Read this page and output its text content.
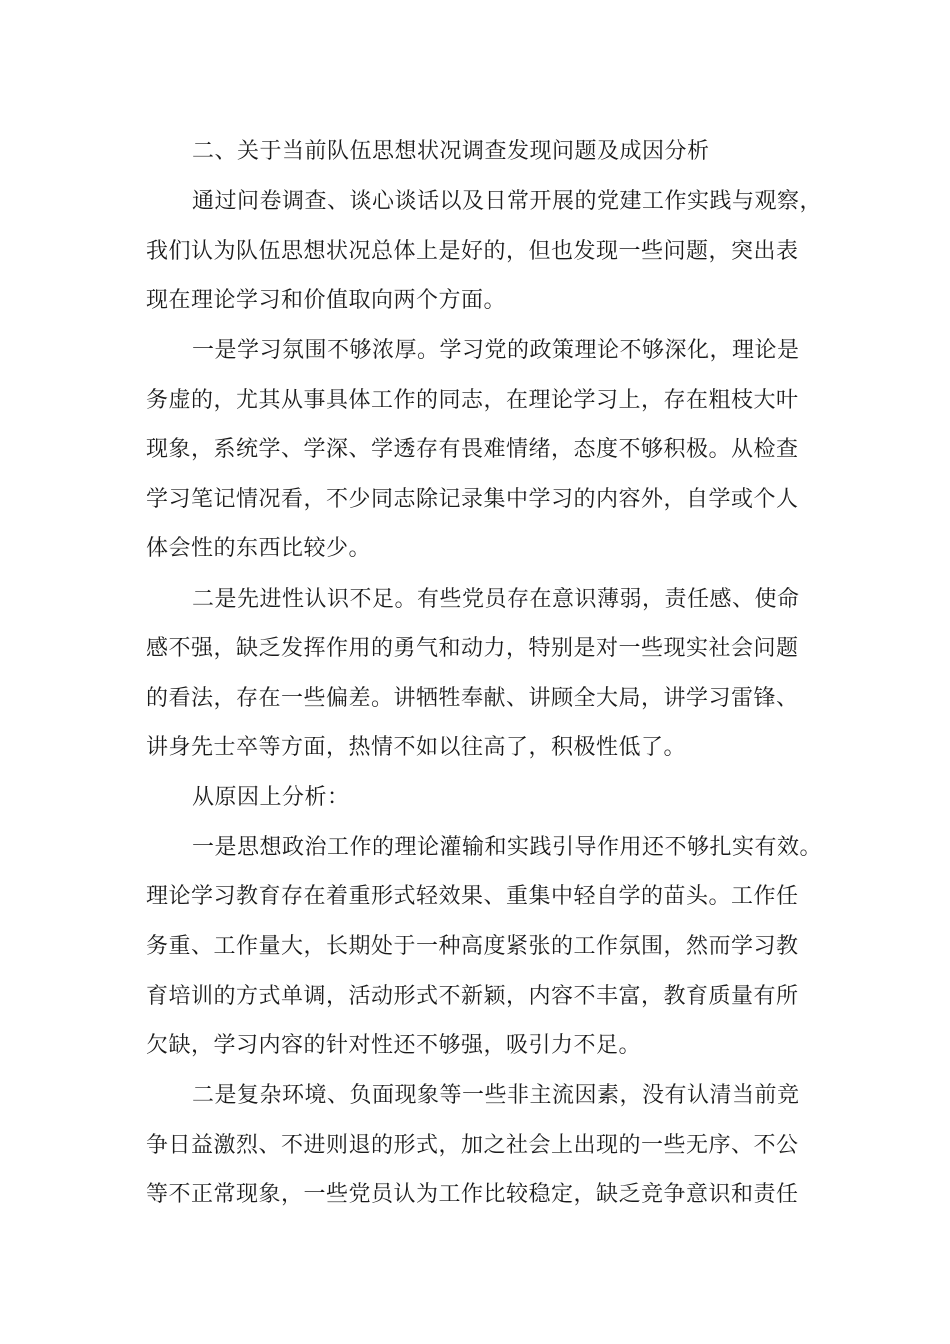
二、关于当前队伍思想状况调查发现问题及成因分析
通过问卷调查、谈心谈话以及日常开展的党建工作实践与观察，
我们认为队伍思想状况总体上是好的，但也发现一些问题，突出表
现在理论学习和价值取向两个方面。
一是学习氛围不够浓厚。学习党的政策理论不够深化，理论是
务虚的，尤其从事具体工作的同志，在理论学习上，存在粗枝大叶
现象，系统学、学深、学透存有畏难情绪，态度不够积极。从检查
学习笔记情况看，不少同志除记录集中学习的内容外，自学或个人
体会性的东西比较少。
二是先进性认识不足。有些党员存在意识薄弱，责任感、使命
感不强，缺乏发挥作用的勇气和动力，特别是对一些现实社会问题
的看法，存在一些偏差。讲牺牲奉献、讲顾全大局，讲学习雷锋、
讲身先士卒等方面，热情不如以往高了，积极性低了。
从原因上分析：
一是思想政治工作的理论灌输和实践引导作用还不够扎实有效。
理论学习教育存在着重形式轻效果、重集中轻自学的苗头。工作任
务重、工作量大，长期处于一种高度紧张的工作氛围，然而学习教
育培训的方式单调，活动形式不新颖，内容不丰富，教育质量有所
欠缺，学习内容的针对性还不够强，吸引力不足。
二是复杂环境、负面现象等一些非主流因素，没有认清当前竞
争日益激烈、不进则退的形式，加之社会上出现的一些无序、不公
等不正常现象，一些党员认为工作比较稳定，缺乏竞争意识和责任
